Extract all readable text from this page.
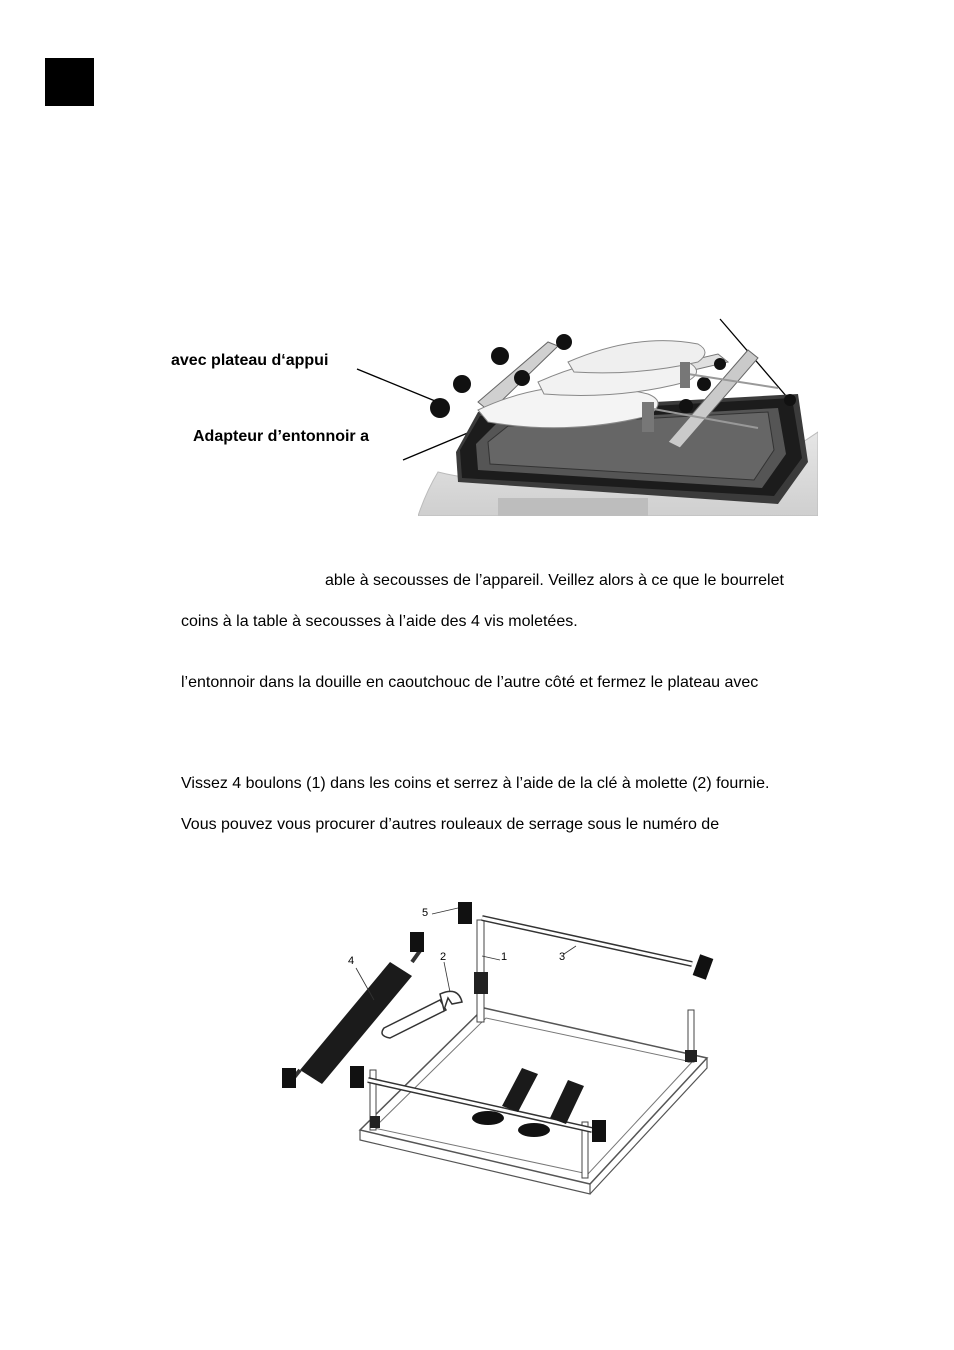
avec plateau d‘appui
Adapteur d’entonnoir a
able à secousses de l’appareil. Veillez alors à ce que le bourrelet
coins à la table à secousses à l’aide des 4 vis moletées.
l’entonnoir dans la douille en caoutchouc de l’autre côté et fermez le plateau avec
Vissez 4 boulons (1) dans les coins et serrez à l’aide de la clé à molette (2) fournie.
Vous pouvez vous procurer d’autres rouleaux de serrage sous le numéro de
5
4	2	1	3
